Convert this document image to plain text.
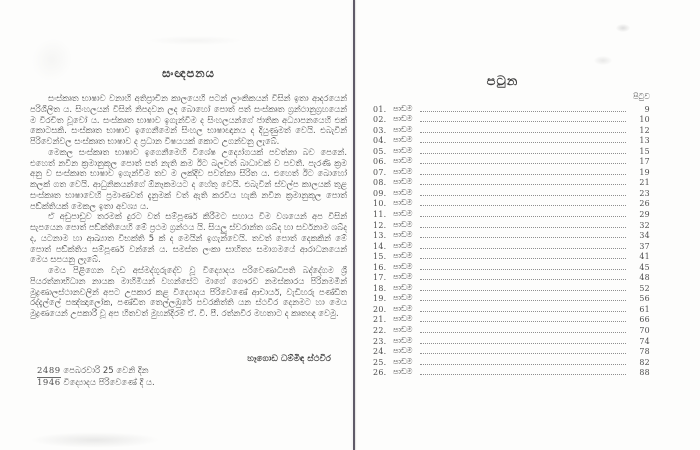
සංඥපනය

සංස්කෘත භාෂාව වනාහි අතිප්‍රාචීන කාලයෙහි පටන් ලාංකිකයන් විසින් ඉතා ආදරයෙන් පරිශීලිත ය. සිංහලයන් විසින් නිපදවන ලද බොහෝ පොත් පත් සංස්කෘත ග්‍රන්ථානුග්‍රහයෙන් ම විරචිත වූවෝ ය. සංස්කෘත භාෂාව ඉගැන්වීම ද සිංහලයන්ගේ ජාතික අධ්‍යාපනයෙහි එක් කොටසකි. සංස්කෘත භාෂාව ඉගෙනීමෙන් සිංහල භාෂාඥානය ද දියුණුමත් වෙයි. එබැවින් පිරිවෙන්වල සංස්කෘත භාෂාව ද ප්‍රධාන විෂයයක් කොට උගන්වනු ලැබේ.

මෙකල සංස්කෘත භාෂාව ඉගෙනීමෙහි විශේෂ උද්‍යෝගයක් පවත්නා බව පෙනේ. එහෙත් නවීන ක්‍රමානුකූල පොත් පත් නැති කම ඊට බලවත් බාධාවක් ව පවතී. පැරණි ක්‍රම අනු ව සංස්කෘත භාෂාව ඉගැන්වීම තව ම ලක්දිව පවත්නා සිරිත ය. එහෙත් ඊට බොහෝ කලක් ගත වෙයි. ආධුනිකයන්ගේ ඕනෑකමයට ද හේතු වෙයි. එබැවින් ස්වල්ප කාලයක් තුළ සංස්කෘත භාෂාවෙහි ප්‍රමාණවත් දැනුමක් වත් ඇති කරවිය හැකි නවීන ක්‍රමානුකූල පොත් පඞ්ක්තියක් මෙකල ඉතා අවශ්‍ය ය.

ඒ අඩුපාඩුව තරමක් දුරට වත් සම්පූර්ණ කිරීමට සහාය වීම වශයෙන් අප විසින් සැපයෙන පොත් පඞ්ක්තියෙහි මේ ප්‍රථම ග්‍රන්ථය යි. සියලු ස්වරාන්ත ශබ්ද හා සර්වනාම ශබ්ද ද, යටනාම හා ආඛ්‍යාත විභක්ති 5 ක් ද මෙයින් ඉගැන්වෙයි. තවත් පොත් දෙකකින් මේ පොත් පඞ්ක්තිය සම්පූර්ණ වන්නේ ය. සමස්ත ලංකා සාහිත්‍ය සමාගමයේ ආරාධනයෙන් මෙය සපයනු ලැබේ.

මෙය පිළිගෙන වැඩ අස්මද්ගුරුදේව වූ විද්‍යොදය පරිවෙණාධිපති බද්දේගම ශ්‍රී පියරත්නාභිධාන නායක මාහිමියන් වහන්සේට මාගේ ගෞරව නමස්කාරය පිරිනමමින් මුද්‍රණාලස්ථානවලින් අපට උපකාර කළ විද්‍යොදය පිරිවෙණේ ආචාර්ය, වැඩිහරු පණ්ඩිත රද්දැල්ලේ පඤ්ඤාලෝක, පණ්ඩිත තෙල්ලඹුරේ පවරකිත්ති යන ස්ථවිර දෙනමට හා මෙය මුද්‍රණයෙන් උපකාරී වූ අප හිතවත් මුහන්දිරම් ඒ. වී. පී. රත්නවීර මහතාට ද කෘතඥ වෙමු.

හෑගොඩ ධම්මිඳ ස්ථවිර
2489 පෙබරවාරි 25 වෙනි දින
1946 විද්‍යොදය පිරිවෙණේ දී ය.
පටුන
පිටුව
01. පාඩම	9
02. පාඩම	10
03. පාඩම	12
04. පාඩම	13
05. පාඩම	15
06. පාඩම	17
07. පාඩම	19
08. පාඩම	21
09. පාඩම	23
10. පාඩම	26
11. පාඩම	29
12. පාඩම	32
13. පාඩම	34
14. පාඩම	37
15. පාඩම	41
16. පාඩම	45
17. පාඩම	48
18. පාඩම	52
19. පාඩම	56
20. පාඩම	61
21. පාඩම	66
22. පාඩම	70
23. පාඩම	74
24. පාඩම	78
25. පාඩම	82
26. පාඩම	88
